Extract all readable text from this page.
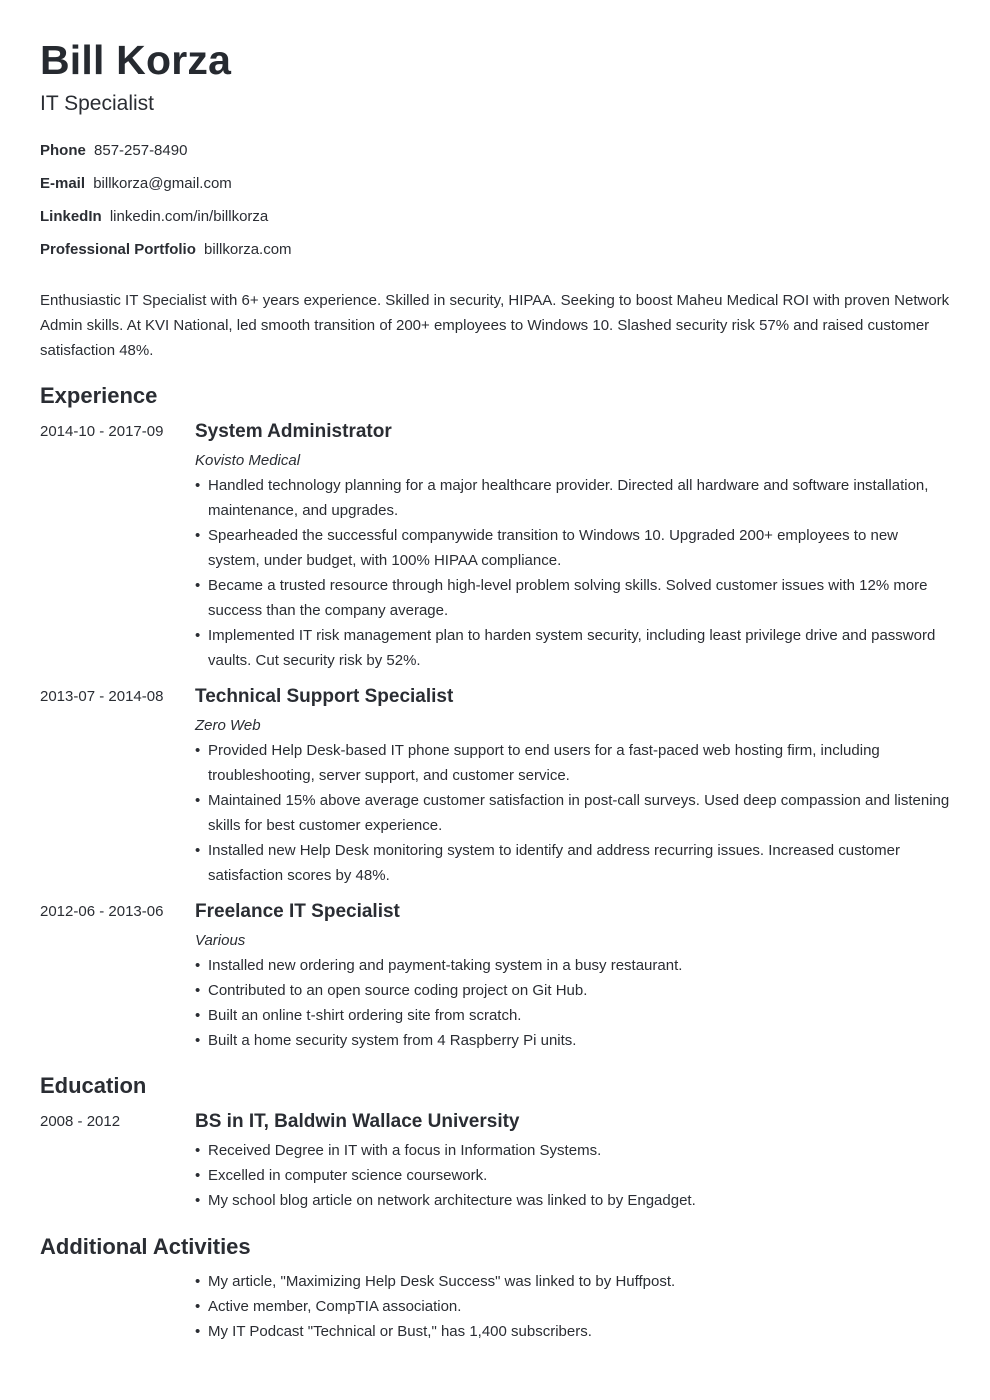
Bill Korza
IT Specialist
Phone 857-257-8490
E-mail billkorza@gmail.com
LinkedIn linkedin.com/in/billkorza
Professional Portfolio billkorza.com

Enthusiastic IT Specialist with 6+ years experience. Skilled in security, HIPAA. Seeking to boost Maheu Medical ROI with proven Network Admin skills. At KVI National, led smooth transition of 200+ employees to Windows 10. Slashed security risk 57% and raised customer satisfaction 48%.

Experience
2014-10 - 2017-09	System Administrator
Kovisto Medical
• Handled technology planning for a major healthcare provider. Directed all hardware and software installation, maintenance, and upgrades.
• Spearheaded the successful companywide transition to Windows 10. Upgraded 200+ employees to new system, under budget, with 100% HIPAA compliance.
• Became a trusted resource through high-level problem solving skills. Solved customer issues with 12% more success than the company average.
• Implemented IT risk management plan to harden system security, including least privilege drive and password vaults. Cut security risk by 52%.
2013-07 - 2014-08	Technical Support Specialist
Zero Web
• Provided Help Desk-based IT phone support to end users for a fast-paced web hosting firm, including troubleshooting, server support, and customer service.
• Maintained 15% above average customer satisfaction in post-call surveys. Used deep compassion and listening skills for best customer experience.
• Installed new Help Desk monitoring system to identify and address recurring issues. Increased customer satisfaction scores by 48%.
2012-06 - 2013-06	Freelance IT Specialist
Various
• Installed new ordering and payment-taking system in a busy restaurant.
• Contributed to an open source coding project on Git Hub.
• Built an online t-shirt ordering site from scratch.
• Built a home security system from 4 Raspberry Pi units.
Education
2008 - 2012	BS in IT, Baldwin Wallace University
• Received Degree in IT with a focus in Information Systems.
• Excelled in computer science coursework.
• My school blog article on network architecture was linked to by Engadget.
Additional Activities
• My article, "Maximizing Help Desk Success" was linked to by Huffpost.
• Active member, CompTIA association.
• My IT Podcast "Technical or Bust," has 1,400 subscribers.
